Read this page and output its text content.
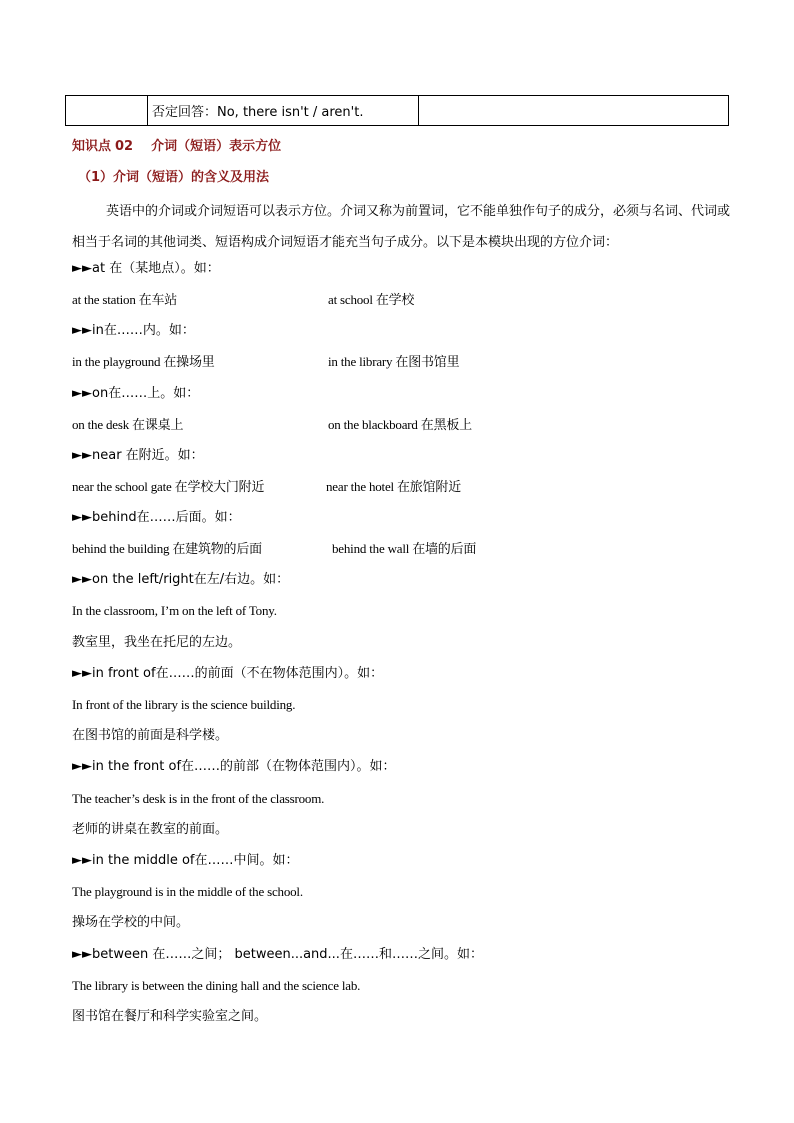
	否定回答：No, there isn't / aren't.	
知识点 02 介词（短语）表示方位
（1）介词（短语）的含义及用法

英语中的介词或介词短语可以表示方位。介词又称为前置词，它不能单独作句子的成分，必须与名词、代词或相当于名词的其他词类、短语构成介词短语才能充当句子成分。以下是本模块出现的方位介词：

►►at 在（某地点）。如：
at the station 在车站	at school 在学校
►►in在……内。如：
in the playground 在操场里	in the library 在图书馆里
►►on在……上。如：
on the desk 在课桌上	on the blackboard 在黑板上
►►near 在附近。如：
near the school gate 在学校大门附近	near the hotel 在旅馆附近
►►behind在……后面。如：
behind the building 在建筑物的后面	behind the wall 在墙的后面
►►on the left/right在左/右边。如：
In the classroom, I’m on the left of Tony.
教室里，我坐在托尼的左边。
►►in front of在……的前面（不在物体范围内）。如：
In front of the library is the science building.
在图书馆的前面是科学楼。
►►in the front of在……的前部（在物体范围内）。如：
The teacher’s desk is in the front of the classroom.
老师的讲桌在教室的前面。
►►in the middle of在……中间。如：
The playground is in the middle of the school.
操场在学校的中间。
►►between 在……之间； between...and...在……和……之间。如：
The library is between the dining hall and the science lab.
图书馆在餐厅和科学实验室之间。
